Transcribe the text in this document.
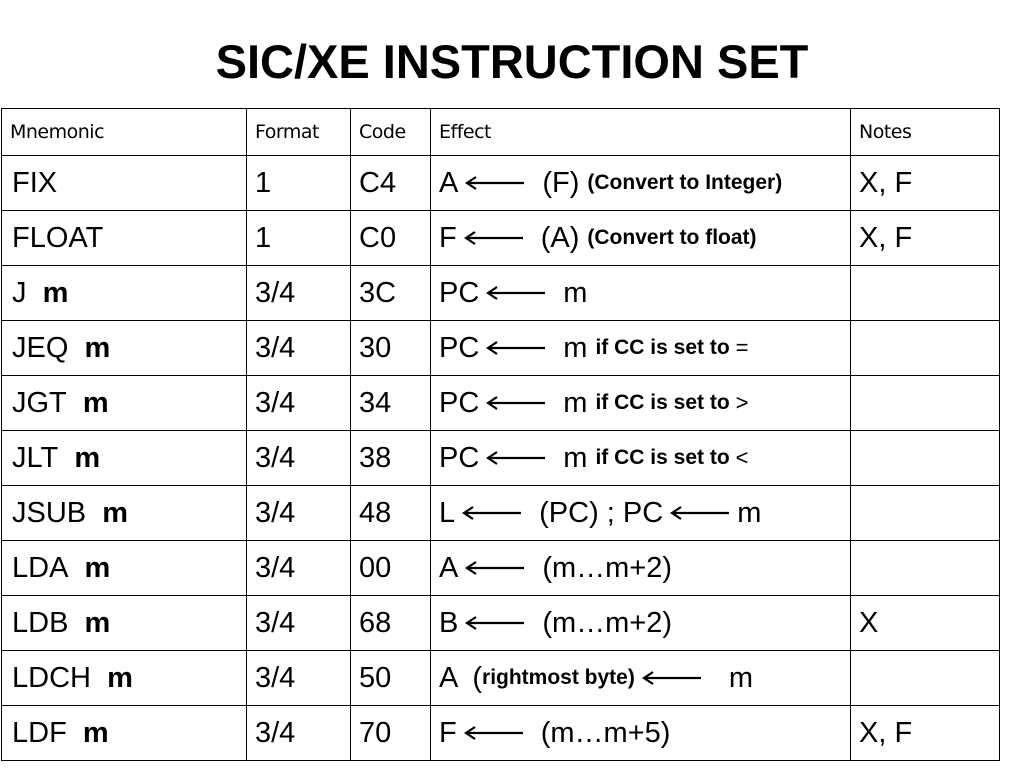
SIC/XE INSTRUCTION SET
Mnemonic	Format	Code	Effect	Notes
FIX	1	C4	A (F) (Convert to Integer)	X, F
FLOAT	1	C0	F (A) (Convert to float)	X, F
J m	3/4	3C	PC m	

JEQ m	3/4	30	PC m if CC is set to =	

JGT m	3/4	34	PC m if CC is set to >	

JLT m	3/4	38	PC m if CC is set to <	

JSUB m	3/4	48	L (PC) ; PC m	

LDA m	3/4	00	A (m…m+2)	

LDB m	3/4	68	B (m…m+2)	X
LDCH m	3/4	50	A ( rightmost byte) m	

LDF m	3/4	70	F (m…m+5)	X, F
